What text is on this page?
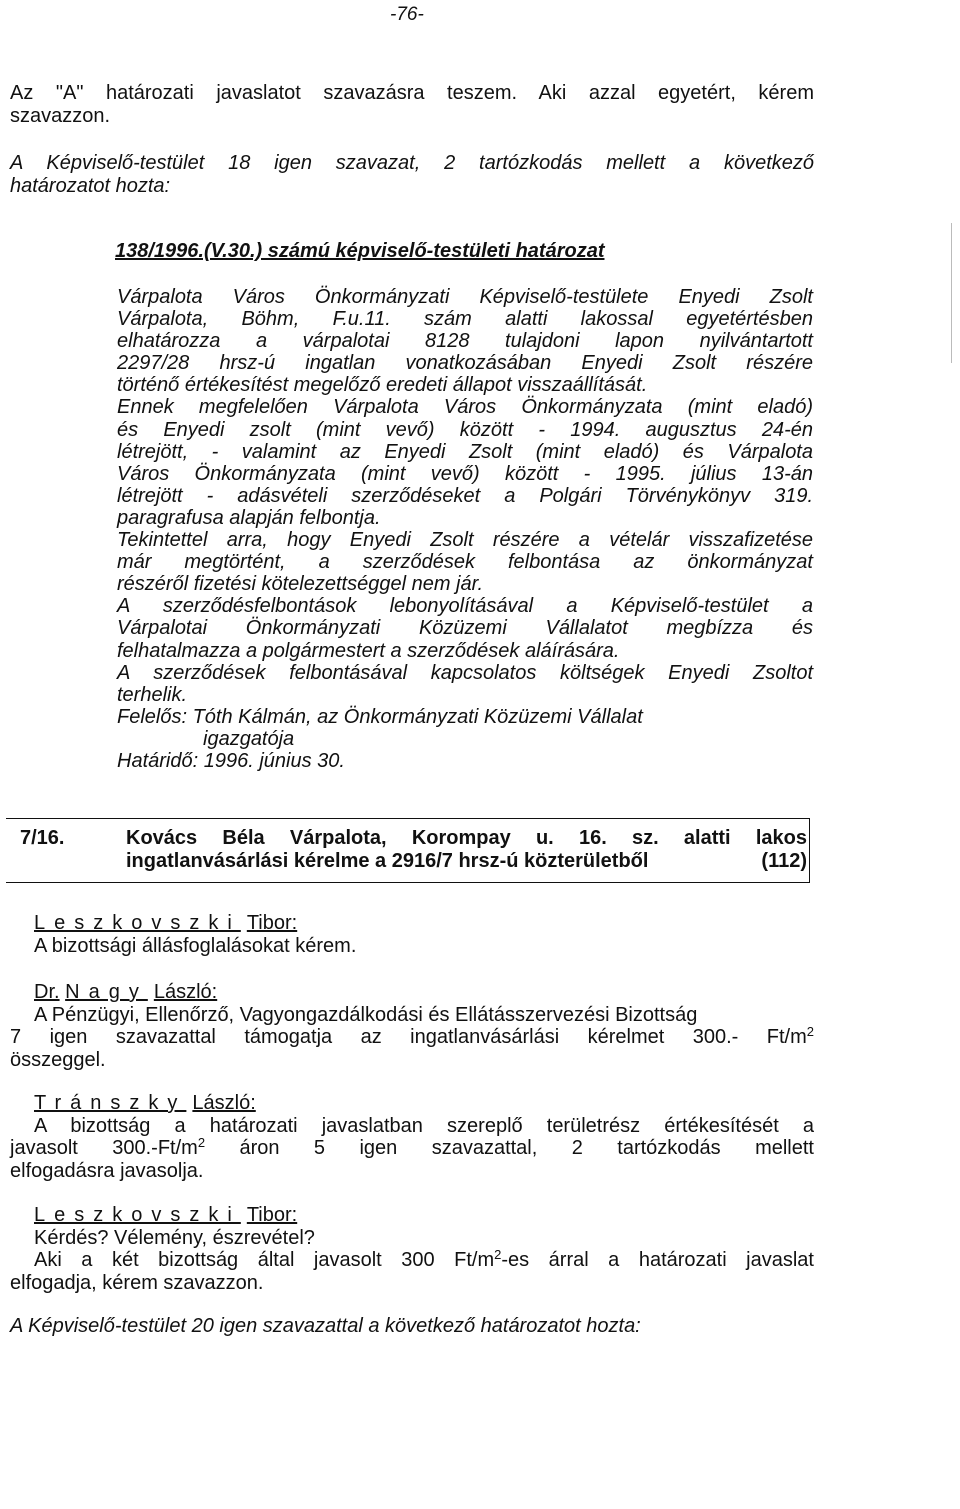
-76-
Az "A" határozati javaslatot szavazásra teszem. Aki azzal egyetért, kérem
szavazzon.
A Képviselő-testület 18 igen szavazat, 2 tartózkodás mellett a következő
határozatot hozta:
138/1996.(V.30.) számú képviselő-testületi határozat
Várpalota Város Önkormányzati Képviselő-testülete Enyedi Zsolt
Várpalota, Böhm, F.u.11. szám alatti lakossal egyetértésben
elhatározza a várpalotai 8128 tulajdoni lapon nyilvántartott
2297/28 hrsz-ú ingatlan vonatkozásában Enyedi Zsolt részére
történő értékesítést megelőző eredeti állapot visszaállítását.
Ennek megfelelően Várpalota Város Önkormányzata (mint eladó)
és Enyedi zsolt (mint vevő) között - 1994. augusztus 24-én
létrejött, - valamint az Enyedi Zsolt (mint eladó) és Várpalota
Város Önkormányzata (mint vevő) között - 1995. július 13-án
létrejött - adásvételi szerződéseket a Polgári Törvénykönyv 319.
paragrafusa alapján felbontja.
Tekintettel arra, hogy Enyedi Zsolt részére a vételár visszafizetése
már megtörtént, a szerződések felbontása az önkormányzat
részéről fizetési kötelezettséggel nem jár.
A szerződésfelbontások lebonyolításával a Képviselő-testület a
Várpalotai Önkormányzati Közüzemi Vállalatot megbízza és
felhatalmazza a polgármestert a szerződések aláírására.
A szerződések felbontásával kapcsolatos költségek Enyedi Zsoltot
terhelik.
Felelős: Tóth Kálmán, az Önkormányzati Közüzemi Vállalat
igazgatója
Határidő: 1996. június 30.
7/16.	Kovács Béla Várpalota, Korompay u. 16. sz. alatti lakos
ingatlanvásárlási kérelme a 2916/7 hrsz-ú közterületből	(112)
Leszkovszki Tibor:
A bizottsági állásfoglalásokat kérem.
Dr. Nagy László:
A Pénzügyi, Ellenőrző, Vagyongazdálkodási és Ellátásszervezési Bizottság
7 igen szavazattal támogatja az ingatlanvásárlási kérelmet 300.- $Ft/m^2$
összeggel.
Tránszky László:
A bizottság a határozati javaslatban szereplő területrész értékesítését a
javasolt $300.-Ft/m^2$ áron 5 igen szavazattal, 2 tartózkodás mellett
elfogadásra javasolja.
Leszkovszki Tibor:
Kérdés? Vélemény, észrevétel?
Aki a két bizottság által javasolt 300 $Ft/m^2-es$ árral a határozati javaslat
elfogadja, kérem szavazzon.
A Képviselő-testület 20 igen szavazattal a következő határozatot hozta:
